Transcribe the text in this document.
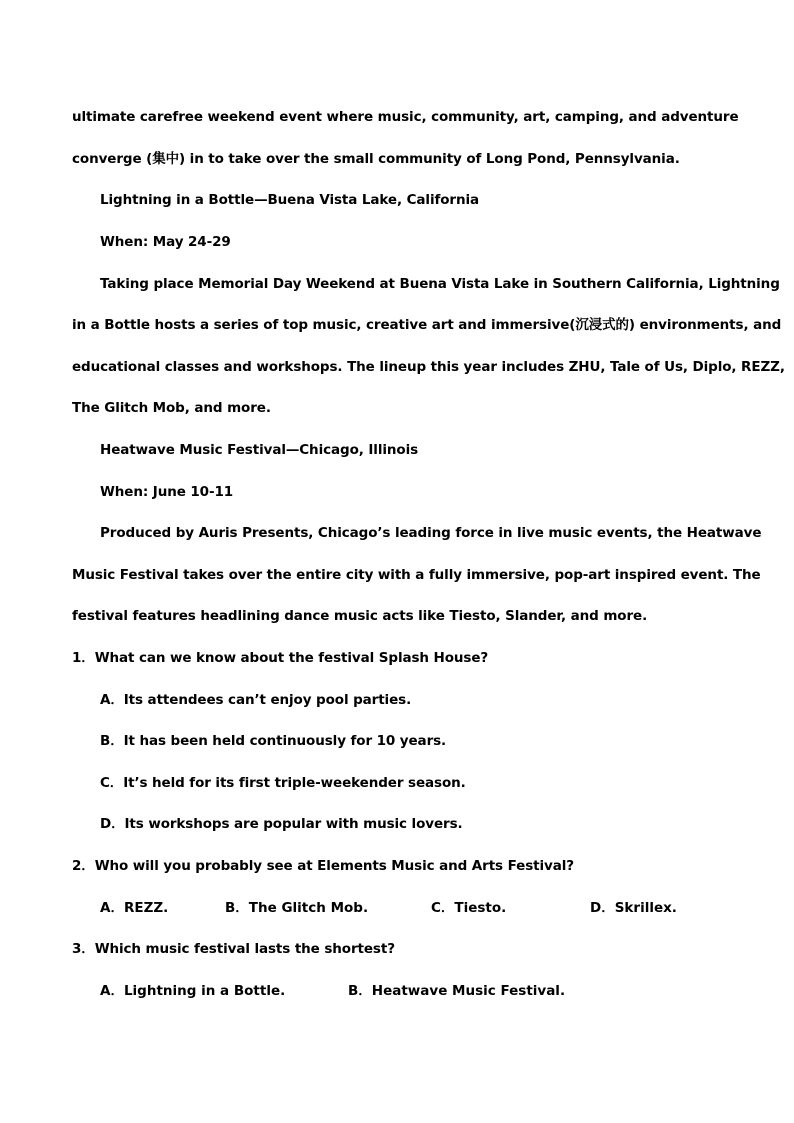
ultimate carefree weekend event where music, community, art, camping, and adventure
converge (集中) in to take over the small community of Long Pond, Pennsylvania.
Lightning in a Bottle—Buena Vista Lake, California
When: May 24-29
Taking place Memorial Day Weekend at Buena Vista Lake in Southern California, Lightning
in a Bottle hosts a series of top music, creative art and immersive(沉浸式的) environments, and
educational classes and workshops. The lineup this year includes ZHU, Tale of Us, Diplo, REZZ,
The Glitch Mob, and more.
Heatwave Music Festival—Chicago, Illinois
When: June 10-11
Produced by Auris Presents, Chicago’s leading force in live music events, the Heatwave
Music Festival takes over the entire city with a fully immersive, pop-art inspired event. The
festival features headlining dance music acts like Tiesto, Slander, and more.
1．What can we know about the festival Splash House?
A．Its attendees can’t enjoy pool parties.
B．It has been held continuously for 10 years.
C．It’s held for its first triple-weekender season.
D．Its workshops are popular with music lovers.
2．Who will you probably see at Elements Music and Arts Festival?
A．REZZ.	B．The Glitch Mob.	C．Tiesto.	D．Skrillex.
3．Which music festival lasts the shortest?
A．Lightning in a Bottle.	B．Heatwave Music Festival.
